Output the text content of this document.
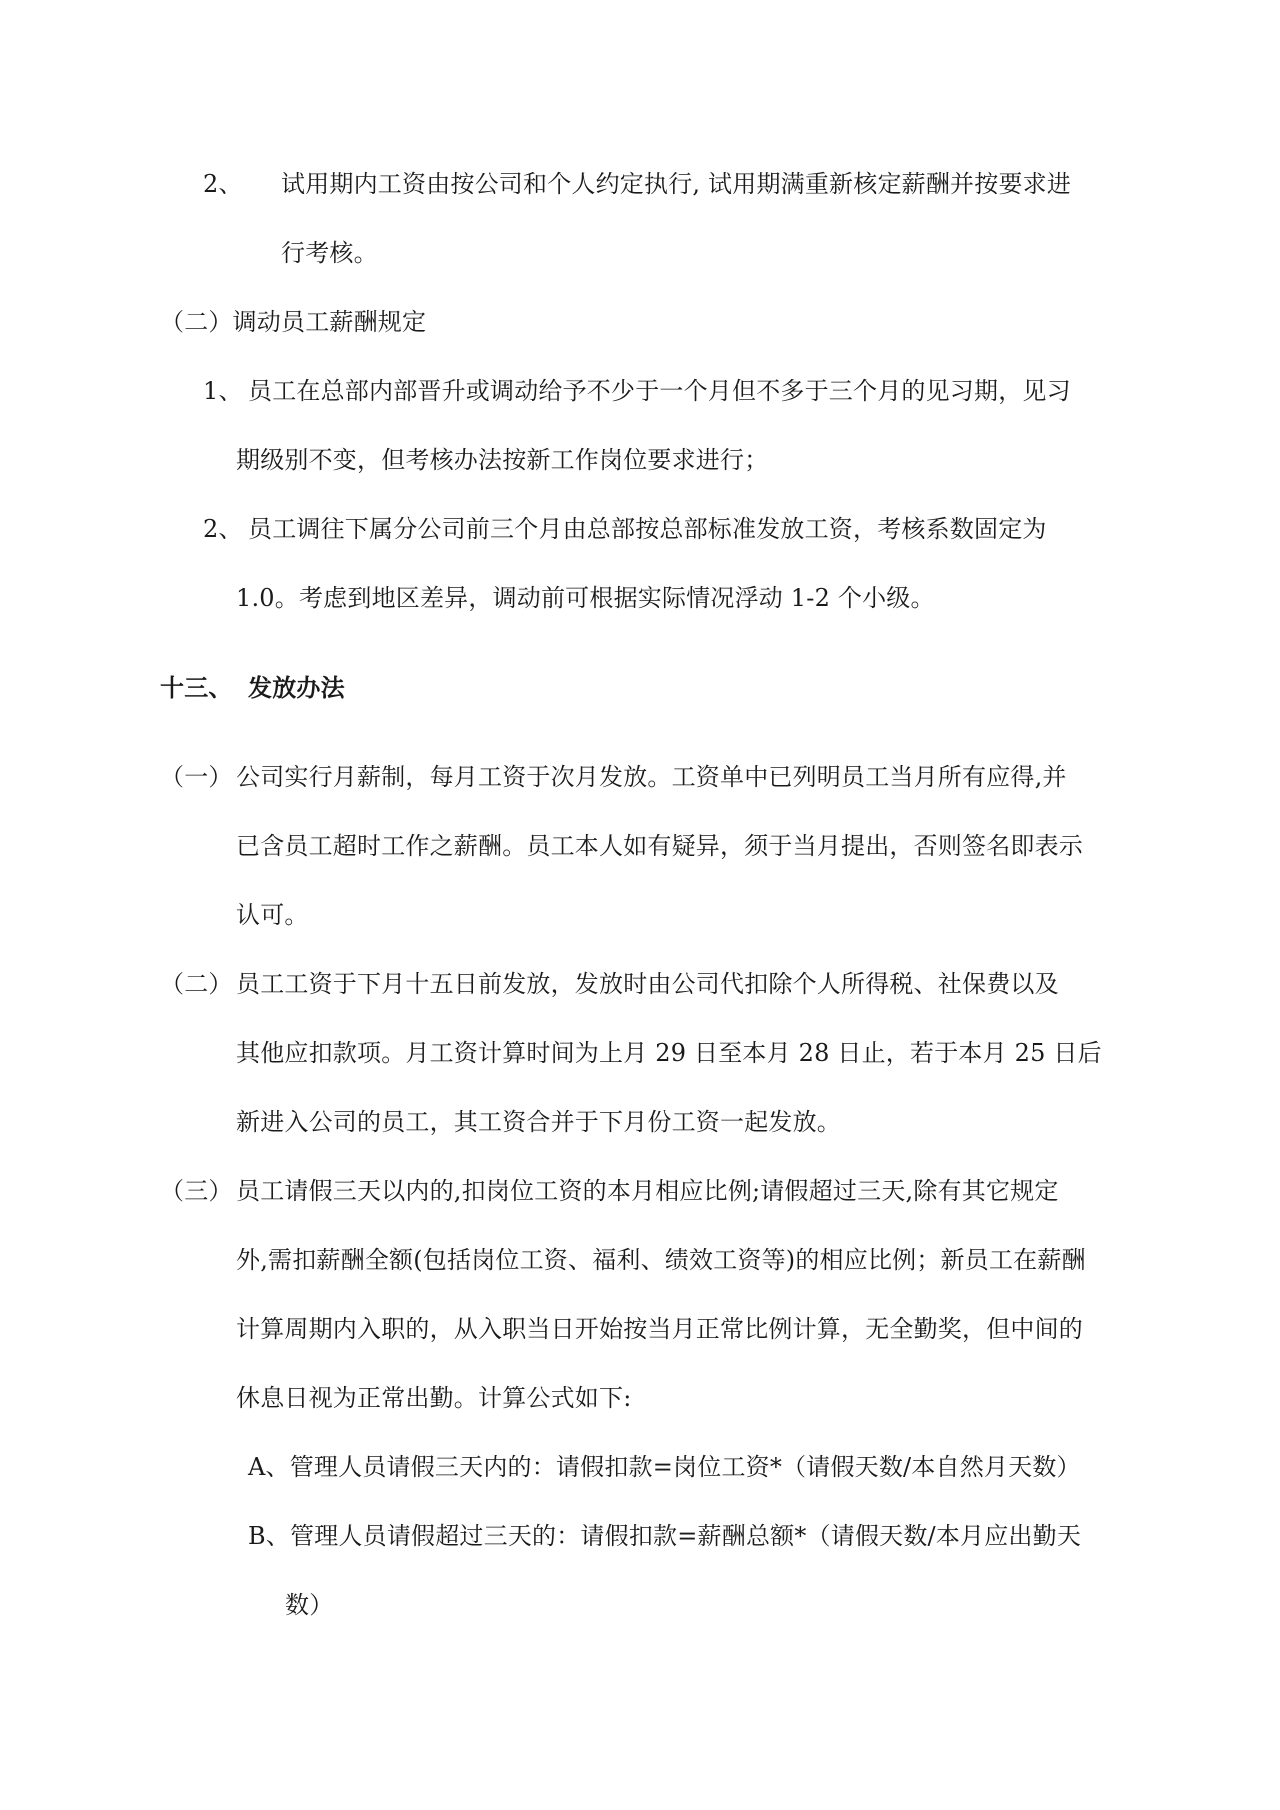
2、 试用期内工资由按公司和个人约定执行, 试用期满重新核定薪酬并按要求进
行考核。
（二）调动员工薪酬规定
1、 员工在总部内部晋升或调动给予不少于一个月但不多于三个月的见习期，见习
期级别不变，但考核办法按新工作岗位要求进行；
2、 员工调往下属分公司前三个月由总部按总部标准发放工资，考核系数固定为
1.0。考虑到地区差异，调动前可根据实际情况浮动 1-2 个小级。
十三、 发放办法
（一） 公司实行月薪制，每月工资于次月发放。工资单中已列明员工当月所有应得,并
已含员工超时工作之薪酬。员工本人如有疑异，须于当月提出，否则签名即表示
认可。
（二） 员工工资于下月十五日前发放，发放时由公司代扣除个人所得税、社保费以及
其他应扣款项。月工资计算时间为上月 29 日至本月 28 日止，若于本月 25 日后
新进入公司的员工，其工资合并于下月份工资一起发放。
（三） 员工请假三天以内的,扣岗位工资的本月相应比例;请假超过三天,除有其它规定
外,需扣薪酬全额(包括岗位工资、福利、绩效工资等)的相应比例；新员工在薪酬
计算周期内入职的，从入职当日开始按当月正常比例计算，无全勤奖，但中间的
休息日视为正常出勤。计算公式如下:
A、管理人员请假三天内的：请假扣款=岗位工资*（请假天数/本自然月天数）
B、管理人员请假超过三天的：请假扣款=薪酬总额*（请假天数/本月应出勤天
数）
